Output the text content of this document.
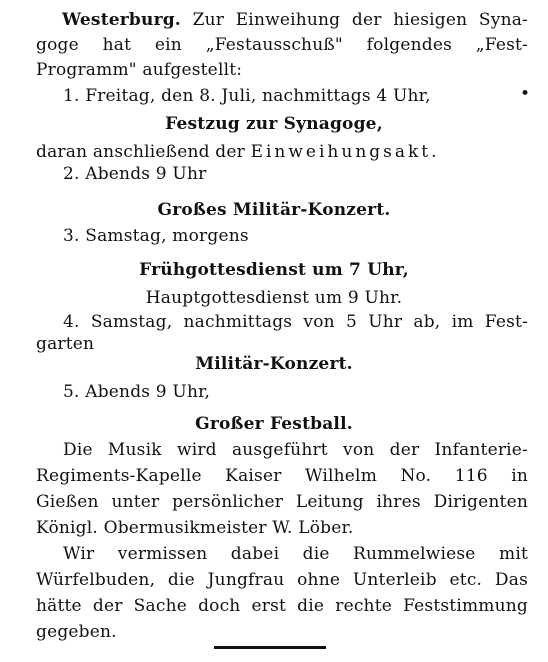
Westerburg. Zur Einweihung der hiesigen Syna-
goge hat ein „Festausschuß" folgendes „Fest-
Programm" aufgestellt:
1. Freitag, den 8. Juli, nachmittags 4 Uhr,	•
Festzug zur Synagoge,
daran anschließend der Einweihungsakt.
2. Abends 9 Uhr
Großes Militär-Konzert.
3. Samstag, morgens
Frühgottesdienst um 7 Uhr,
Hauptgottesdienst um 9 Uhr.
4. Samstag, nachmittags von 5 Uhr ab, im Fest-
garten
Militär-Konzert.
5. Abends 9 Uhr,
Großer Festball.
Die Musik wird ausgeführt von der Infanterie-
Regiments-Kapelle Kaiser Wilhelm No. 116 in
Gießen unter persönlicher Leitung ihres Dirigenten
Königl. Obermusikmeister W. Löber.
Wir vermissen dabei die Rummelwiese mit
Würfelbuden, die Jungfrau ohne Unterleib etc. Das
hätte der Sache doch erst die rechte Feststimmung
gegeben.
